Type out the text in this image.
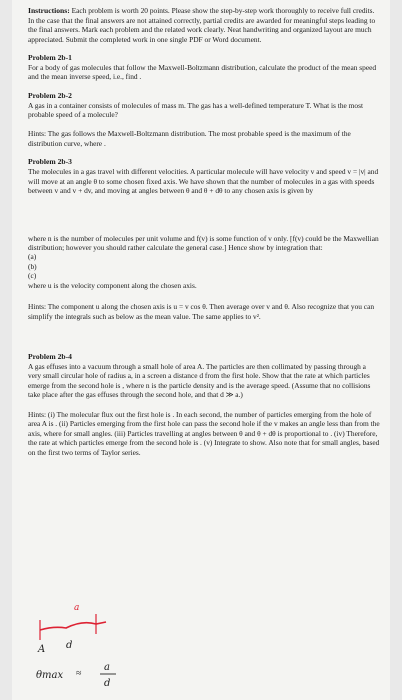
Instructions: Each problem is worth 20 points. Please show the step-by-step work thoroughly to receive full credits. In the case that the final answers are not attained correctly, partial credits are awarded for meaningful steps leading to the final answers. Mark each problem and the related work clearly. Neat handwriting and organized layout are much appreciated. Submit the completed work in one single PDF or Word document.

Problem 2b-1

For a body of gas molecules that follow the Maxwell-Boltzmann distribution, calculate the product of the mean speed and the mean inverse speed, i.e., find .

Problem 2b-2

A gas in a container consists of molecules of mass m. The gas has a well-defined temperature T. What is the most probable speed of a molecule?

Hints: The gas follows the Maxwell-Boltzmann distribution. The most probable speed is the maximum of the distribution curve, where .

Problem 2b-3

The molecules in a gas travel with different velocities. A particular molecule will have velocity v and speed v = |v| and will move at an angle θ to some chosen fixed axis. We have shown that the number of molecules in a gas with speeds between v and v + dv, and moving at angles between θ and θ + dθ to any chosen axis is given by

where n is the number of molecules per unit volume and f(v) is some function of v only. [f(v) could be the Maxwellian distribution; however you should rather calculate the general case.] Hence show by integration that:

(a)
(b)
(c)

where u is the velocity component along the chosen axis.

Hints: The component u along the chosen axis is u = v cos θ. Then average over v and θ. Also recognize that you can simplify the integrals such as below as the mean value. The same applies to v².

Problem 2b-4

A gas effuses into a vacuum through a small hole of area A. The particles are then collimated by passing through a very small circular hole of radius a, in a screen a distance d from the first hole. Show that the rate at which particles emerge from the second hole is , where n is the particle density and is the average speed. (Assume that no collisions take place after the gas effuses through the second hole, and that d ≫ a.)

Hints: (i) The molecular flux out the first hole is . In each second, the number of particles emerging from the hole of area A is . (ii) Particles emerging from the first hole can pass the second hole if the v makes an angle less than from the axis, where for small angles. (iii) Particles travelling at angles between θ and θ + dθ is proportional to . (iv) Therefore, the rate at which particles emerge from the second hole is . (v) Integrate to show. Also note that for small angles, based on the first two terms of Taylor series.

a
A d
θmax ≈
a
d
